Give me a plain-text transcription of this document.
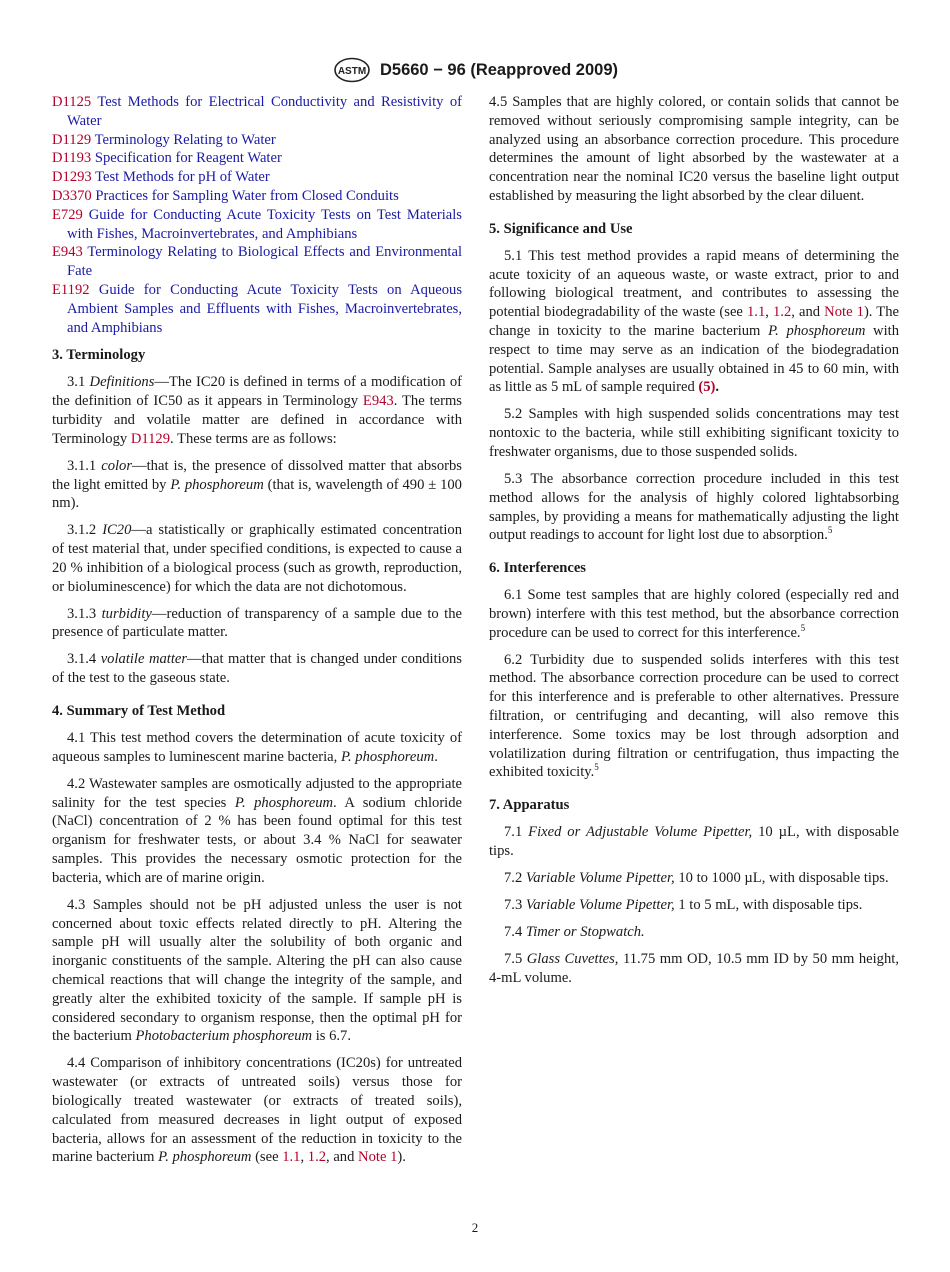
ASTM D5660 − 96 (Reapproved 2009)
D1125 Test Methods for Electrical Conductivity and Resistivity of Water
D1129 Terminology Relating to Water
D1193 Specification for Reagent Water
D1293 Test Methods for pH of Water
D3370 Practices for Sampling Water from Closed Conduits
E729 Guide for Conducting Acute Toxicity Tests on Test Materials with Fishes, Macroinvertebrates, and Amphibians
E943 Terminology Relating to Biological Effects and Environmental Fate
E1192 Guide for Conducting Acute Toxicity Tests on Aqueous Ambient Samples and Effluents with Fishes, Macroinvertebrates, and Amphibians
3. Terminology

3.1 Definitions—The IC20 is defined in terms of a modification of the definition of IC50 as it appears in Terminology E943. The terms turbidity and volatile matter are defined in accordance with Terminology D1129. These terms are as follows:

3.1.1 color—that is, the presence of dissolved matter that absorbs the light emitted by P. phosphoreum (that is, wavelength of 490 ± 100 nm).

3.1.2 IC20—a statistically or graphically estimated concentration of test material that, under specified conditions, is expected to cause a 20 % inhibition of a biological process (such as growth, reproduction, or bioluminescence) for which the data are not dichotomous.

3.1.3 turbidity—reduction of transparency of a sample due to the presence of particulate matter.

3.1.4 volatile matter—that matter that is changed under conditions of the test to the gaseous state.

4. Summary of Test Method

4.1 This test method covers the determination of acute toxicity of aqueous samples to luminescent marine bacteria, P. phosphoreum.

4.2 Wastewater samples are osmotically adjusted to the appropriate salinity for the test species P. phosphoreum. A sodium chloride (NaCl) concentration of 2 % has been found optimal for this test organism for freshwater tests, or about 3.4 % NaCl for seawater samples. This provides the necessary osmotic protection for the bacteria, which are of marine origin.

4.3 Samples should not be pH adjusted unless the user is not concerned about toxic effects related directly to pH. Altering the sample pH will usually alter the solubility of both organic and inorganic constituents of the sample. Altering the pH can also cause chemical reactions that will change the integrity of the sample, and greatly alter the exhibited toxicity of the sample. If sample pH is considered secondary to organism response, then the optimal pH for the bacterium Photobacterium phosphoreum is 6.7.

4.4 Comparison of inhibitory concentrations (IC20s) for untreated wastewater (or extracts of untreated soils) versus those for biologically treated wastewater (or extracts of treated soils), calculated from measured decreases in light output of exposed bacteria, allows for an assessment of the reduction in toxicity to the marine bacterium P. phosphoreum (see 1.1, 1.2, and Note 1).

4.5 Samples that are highly colored, or contain solids that cannot be removed without seriously compromising sample integrity, can be analyzed using an absorbance correction procedure. This procedure determines the amount of light absorbed by the wastewater at a concentration near the nominal IC20 versus the baseline light output established by measuring the light absorbed by the clear diluent.

5. Significance and Use

5.1 This test method provides a rapid means of determining the acute toxicity of an aqueous waste, or waste extract, prior to and following biological treatment, and contributes to assessing the potential biodegradability of the waste (see 1.1, 1.2, and Note 1). The change in toxicity to the marine bacterium P. phosphoreum with respect to time may serve as an indication of the biodegradation potential. Sample analyses are usually obtained in 45 to 60 min, with as little as 5 mL of sample required (5).

5.2 Samples with high suspended solids concentrations may test nontoxic to the bacteria, while still exhibiting significant toxicity to freshwater organisms, due to those suspended solids.

5.3 The absorbance correction procedure included in this test method allows for the analysis of highly colored lightabsorbing samples, by providing a means for mathematically adjusting the light output readings to account for light lost due to absorption.$^5$

6. Interferences

6.1 Some test samples that are highly colored (especially red and brown) interfere with this test method, but the absorbance correction procedure can be used to correct for this interference.$^5$

6.2 Turbidity due to suspended solids interferes with this test method. The absorbance correction procedure can be used to correct for this interference and is preferable to other alternatives. Pressure filtration, or centrifuging and decanting, will also remove this interference. Some toxics may be lost through adsorption and volatilization during filtration or centrifugation, thus impacting the exhibited toxicity.$^5$

7. Apparatus

7.1 Fixed or Adjustable Volume Pipetter, 10 µL, with disposable tips.

7.2 Variable Volume Pipetter, 10 to 1000 µL, with disposable tips.

7.3 Variable Volume Pipetter, 1 to 5 mL, with disposable tips.

7.4 Timer or Stopwatch.

7.5 Glass Cuvettes, 11.75 mm OD, 10.5 mm ID by 50 mm height, 4-mL volume.

2
